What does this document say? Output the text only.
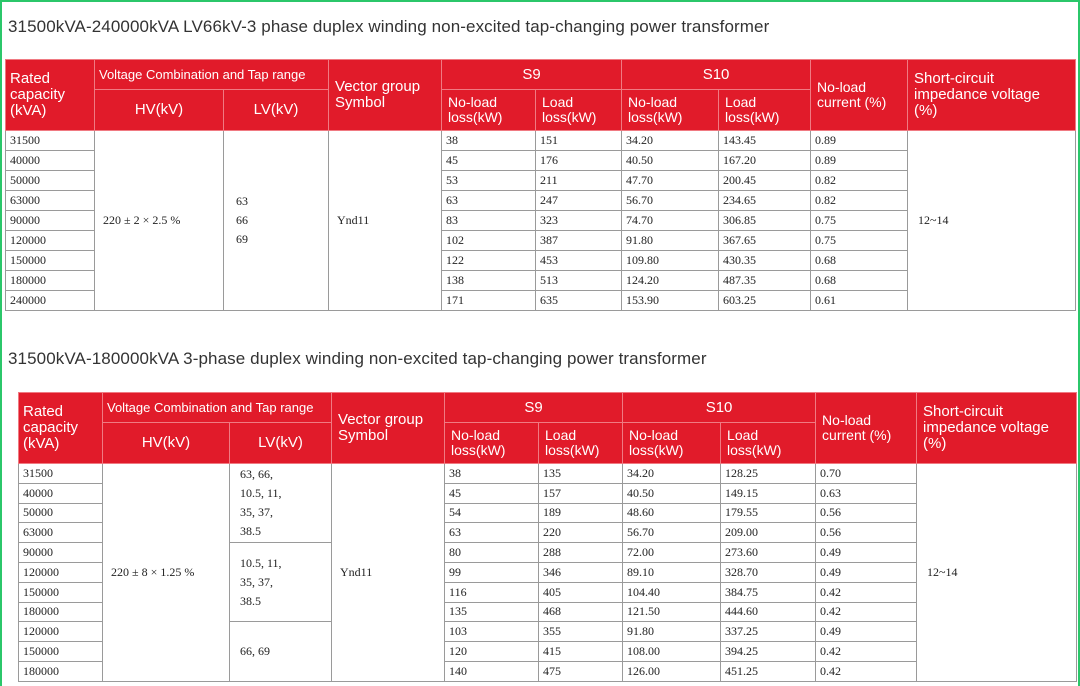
31500kVA-240000kVA LV66kV-3 phase duplex winding non-excited tap-changing power transformer
Rated
capacity
(kVA)	Voltage Combination and Tap range		Vector group
Symbol	S9		S10		No-load
current (%)	Short-circuit
impedance voltage
(%)
	HV(kV)	LV(kV)		No-load
loss(kW)	Load
loss(kW)	No-load
loss(kW)	Load
loss(kW)		
31500	220 ± 2 × 2.5 %	63
66
69	Ynd11	38	151	34.20	143.45	0.89	12~14
40000				45	176	40.50	167.20	0.89	
50000				53	211	47.70	200.45	0.82	
63000				63	247	56.70	234.65	0.82	
90000				83	323	74.70	306.85	0.75	
120000				102	387	91.80	367.65	0.75	
150000				122	453	109.80	430.35	0.68	
180000				138	513	124.20	487.35	0.68	
240000				171	635	153.90	603.25	0.61	
31500kVA-180000kVA 3-phase duplex winding non-excited tap-changing power transformer
Rated
capacity
(kVA)	Voltage Combination and Tap range		Vector group
Symbol	S9		S10		No-load
current (%)	Short-circuit
impedance voltage
(%)
	HV(kV)	LV(kV)		No-load
loss(kW)	Load
loss(kW)	No-load
loss(kW)	Load
loss(kW)		
31500	220 ± 8 × 1.25 %	63, 66,
10.5, 11,
35, 37,
38.5	Ynd11	38	135	34.20	128.25	0.70	12~14
40000				45	157	40.50	149.15	0.63	
50000				54	189	48.60	179.55	0.56	
63000				63	220	56.70	209.00	0.56	
90000		10.5, 11,
35, 37,
38.5		80	288	72.00	273.60	0.49	
120000				99	346	89.10	328.70	0.49	
150000				116	405	104.40	384.75	0.42	
180000				135	468	121.50	444.60	0.42	
120000		66, 69		103	355	91.80	337.25	0.49	
150000				120	415	108.00	394.25	0.42	
180000				140	475	126.00	451.25	0.42	
